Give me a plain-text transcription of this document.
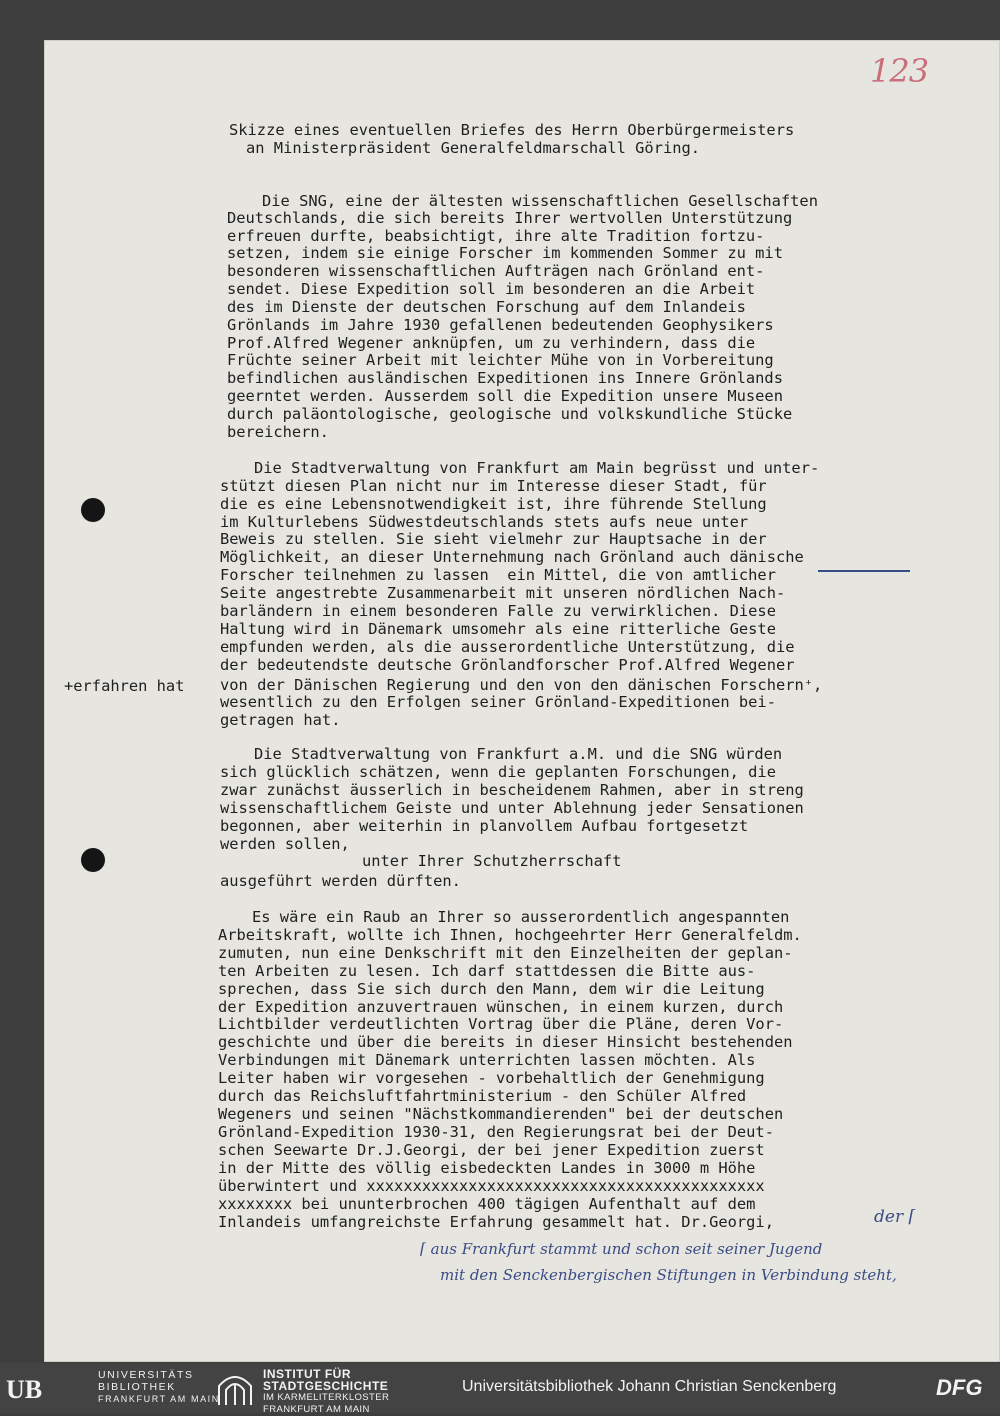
123
Skizze eines eventuellen Briefes des Herrn Oberbürgermeisters
an Ministerpräsident Generalfeldmarschall Göring.
Die SNG, eine der ältesten wissenschaftlichen Gesellschaften
Deutschlands, die sich bereits Ihrer wertvollen Unterstützung
erfreuen durfte, beabsichtigt, ihre alte Tradition fortzu-
setzen, indem sie einige Forscher im kommenden Sommer zu mit
besonderen wissenschaftlichen Aufträgen nach Grönland ent-
sendet. Diese Expedition soll im besonderen an die Arbeit
des im Dienste der deutschen Forschung auf dem Inlandeis
Grönlands im Jahre 1930 gefallenen bedeutenden Geophysikers
Prof.Alfred Wegener anknüpfen, um zu verhindern, dass die
Früchte seiner Arbeit mit leichter Mühe von in Vorbereitung
befindlichen ausländischen Expeditionen ins Innere Grönlands
geerntet werden. Ausserdem soll die Expedition unsere Museen
durch paläontologische, geologische und volkskundliche Stücke
bereichern.
Die Stadtverwaltung von Frankfurt am Main begrüsst und unter-
stützt diesen Plan nicht nur im Interesse dieser Stadt, für
die es eine Lebensnotwendigkeit ist, ihre führende Stellung
im Kulturlebens Südwestdeutschlands stets aufs neue unter
Beweis zu stellen. Sie sieht vielmehr zur Hauptsache in der
Möglichkeit, an dieser Unternehmung nach Grönland auch dänische
Forscher teilnehmen zu lassen  ein Mittel, die von amtlicher
Seite angestrebte Zusammenarbeit mit unseren nördlichen Nach-
barländern in einem besonderen Falle zu verwirklichen. Diese
Haltung wird in Dänemark umsomehr als eine ritterliche Geste
empfunden werden, als die ausserordentliche Unterstützung, die
der bedeutendste deutsche Grönlandforscher Prof.Alfred Wegener
von der Dänischen Regierung und den von den dänischen Forschern⁺,
wesentlich zu den Erfolgen seiner Grönland-Expeditionen bei-
getragen hat.
+erfahren hat
Die Stadtverwaltung von Frankfurt a.M. und die SNG würden
sich glücklich schätzen, wenn die geplanten Forschungen, die
zwar zunächst äusserlich in bescheidenem Rahmen, aber in streng
wissenschaftlichem Geiste und unter Ablehnung jeder Sensationen
begonnen, aber weiterhin in planvollem Aufbau fortgesetzt
werden sollen,
unter Ihrer Schutzherrschaft
ausgeführt werden dürften.
Es wäre ein Raub an Ihrer so ausserordentlich angespannten
Arbeitskraft, wollte ich Ihnen, hochgeehrter Herr Generalfeldm.
zumuten, nun eine Denkschrift mit den Einzelheiten der geplan-
ten Arbeiten zu lesen. Ich darf stattdessen die Bitte aus-
sprechen, dass Sie sich durch den Mann, dem wir die Leitung
der Expedition anzuvertrauen wünschen, in einem kurzen, durch
Lichtbilder verdeutlichten Vortrag über die Pläne, deren Vor-
geschichte und über die bereits in dieser Hinsicht bestehenden
Verbindungen mit Dänemark unterrichten lassen möchten. Als
Leiter haben wir vorgesehen - vorbehaltlich der Genehmigung
durch das Reichsluftfahrtministerium - den Schüler Alfred
Wegeners und seinen "Nächstkommandierenden" bei der deutschen
Grönland-Expedition 1930-31, den Regierungsrat bei der Deut-
schen Seewarte Dr.J.Georgi, der bei jener Expedition zuerst
in der Mitte des völlig eisbedeckten Landes in 3000 m Höhe
überwintert und xxxxxxxxxxxxxxxxxxxxxxxxxxxxxxxxxxxxxxxxxxx
xxxxxxxx bei ununterbrochen 400 tägigen Aufenthalt auf dem
Inlandeis umfangreichste Erfahrung gesammelt hat. Dr.Georgi,	der ⌈
⌈ aus Frankfurt stammt und schon seit seiner Jugend
mit den Senckenbergischen Stiftungen in Verbindung steht,
UB	UNIVERSITÄTS
BIBLIOTHEK
FRANKFURT AM MAIN
INSTITUT FÜR
STADTGESCHICHTE
IM KARMELITERKLOSTER
FRANKFURT AM MAIN
Universitätsbibliothek Johann Christian Senckenberg	DFG
